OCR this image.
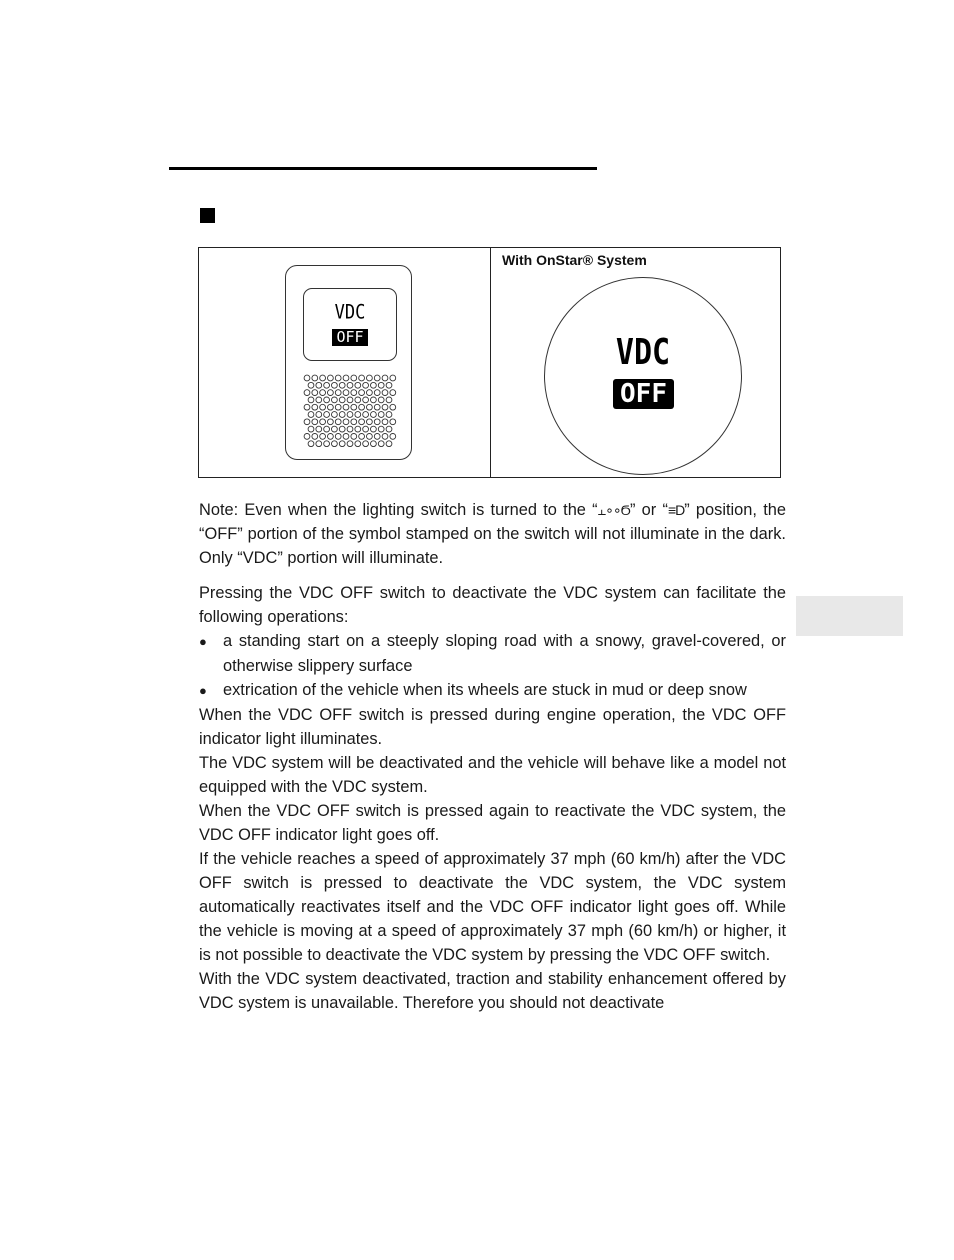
VDC
OFF
With OnStar® System
VDC
OFF

Note: Even when the lighting switch is turned to the “⫠∘∘Ϭ” or “≡D” position, the “OFF” portion of the symbol stamped on the switch will not illuminate in the dark. Only “VDC” portion will illuminate.

Pressing the VDC OFF switch to deactivate the VDC system can facilitate the following operations:

● a standing start on a steeply sloping road with a snowy, gravel-covered, or otherwise slippery surface

● extrication of the vehicle when its wheels are stuck in mud or deep snow

When the VDC OFF switch is pressed during engine operation, the VDC OFF indicator light illuminates.

The VDC system will be deactivated and the vehicle will behave like a model not equipped with the VDC system.

When the VDC OFF switch is pressed again to reactivate the VDC system, the VDC OFF indicator light goes off.

If the vehicle reaches a speed of approximately 37 mph (60 km/h) after the VDC OFF switch is pressed to deactivate the VDC system, the VDC system automatically reactivates itself and the VDC OFF indicator light goes off. While the vehicle is moving at a speed of approximately 37 mph (60 km/h) or higher, it is not possible to deactivate the VDC system by pressing the VDC OFF switch.

With the VDC system deactivated, traction and stability enhancement offered by VDC system is unavailable. Therefore you should not deactivate
